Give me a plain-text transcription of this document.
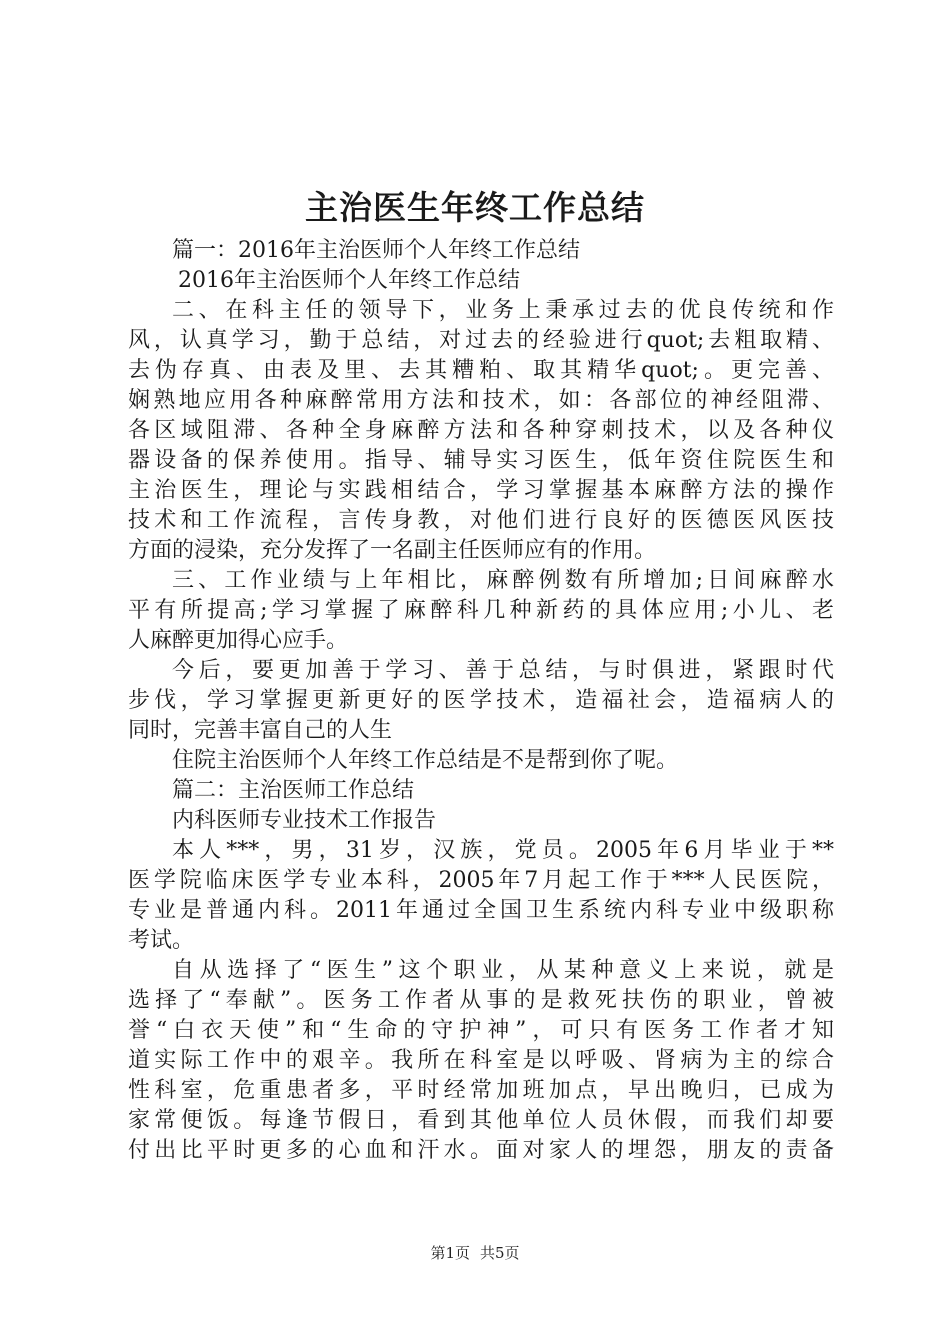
主治医生年终工作总结
篇一：2016年主治医师个人年终工作总结
2016年主治医师个人年终工作总结
二、在科主任的领导下，业务上秉承过去的优良传统和作
风，认真学习，勤于总结，对过去的经验进行quot;去粗取精、
去伪存真、由表及里、去其糟粕、取其精华quot;。更完善、
娴熟地应用各种麻醉常用方法和技术，如：各部位的神经阻滞、
各区域阻滞、各种全身麻醉方法和各种穿刺技术，以及各种仪
器设备的保养使用。指导、辅导实习医生，低年资住院医生和
主治医生，理论与实践相结合，学习掌握基本麻醉方法的操作
技术和工作流程，言传身教，对他们进行良好的医德医风医技
方面的浸染，充分发挥了一名副主任医师应有的作用。
三、工作业绩与上年相比，麻醉例数有所增加;日间麻醉水
平有所提高;学习掌握了麻醉科几种新药的具体应用;小儿、老
人麻醉更加得心应手。
今后，要更加善于学习、善于总结，与时俱进，紧跟时代
步伐，学习掌握更新更好的医学技术，造福社会，造福病人的
同时，完善丰富自己的人生
住院主治医师个人年终工作总结是不是帮到你了呢。
篇二：主治医师工作总结
内科医师专业技术工作报告
本人***，男，31岁，汉族，党员。2005年6月毕业于**
医学院临床医学专业本科，2005年7月起工作于***人民医院，
专业是普通内科。2011年通过全国卫生系统内科专业中级职称
考试。
自从选择了“医生”这个职业，从某种意义上来说，就是
选择了“奉献”。医务工作者从事的是救死扶伤的职业，曾被
誉“白衣天使”和“生命的守护神”，可只有医务工作者才知
道实际工作中的艰辛。我所在科室是以呼吸、肾病为主的综合
性科室，危重患者多，平时经常加班加点，早出晚归，已成为
家常便饭。每逢节假日，看到其他单位人员休假，而我们却要
付出比平时更多的心血和汗水。面对家人的埋怨，朋友的责备
第1页 共5页
